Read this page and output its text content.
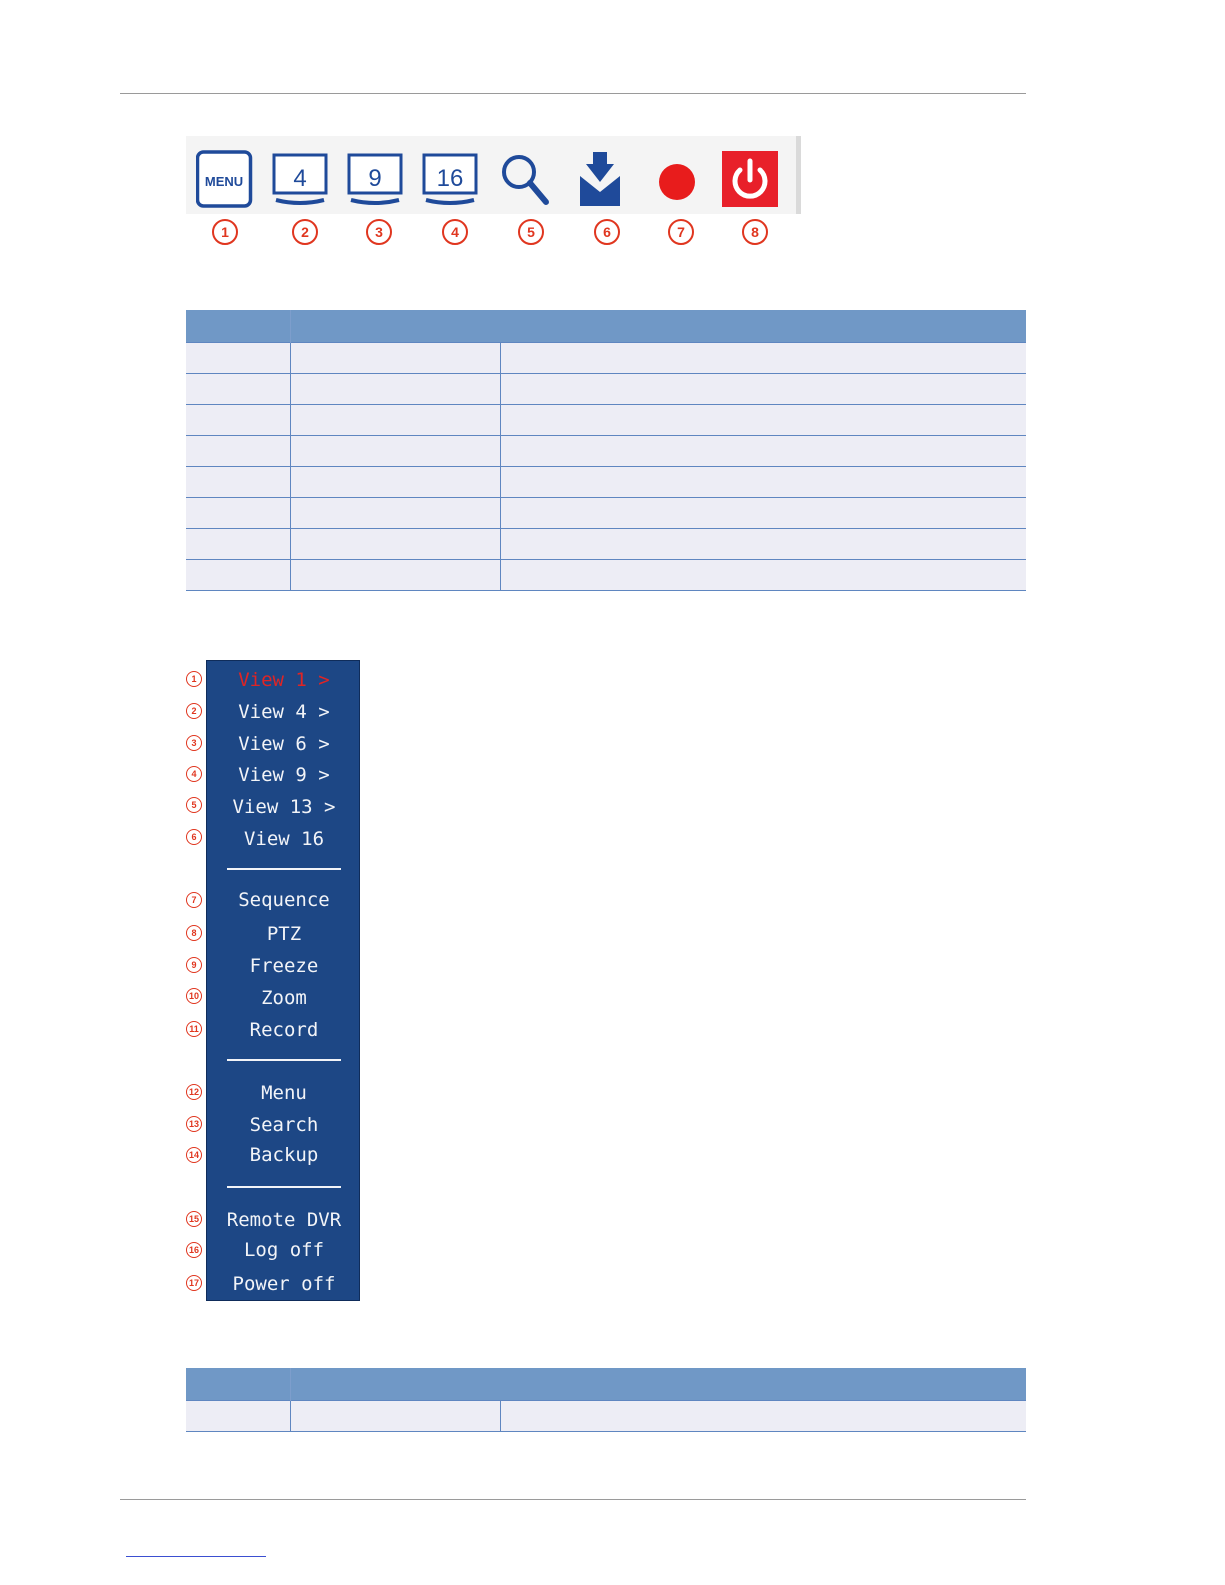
MENU 4	9 16
1	2	3	4	5	6	7	8

View 1 >
View 4 >
View 6 >
View 9 >
View 13 >
View 16
Sequence
PTZ
Freeze
Zoom
Record
Menu
Search
Backup
Remote DVR
Log off
Power off
1
2
3
4
5
6
7
8
9
10
11
12
13
14
15
16
17
